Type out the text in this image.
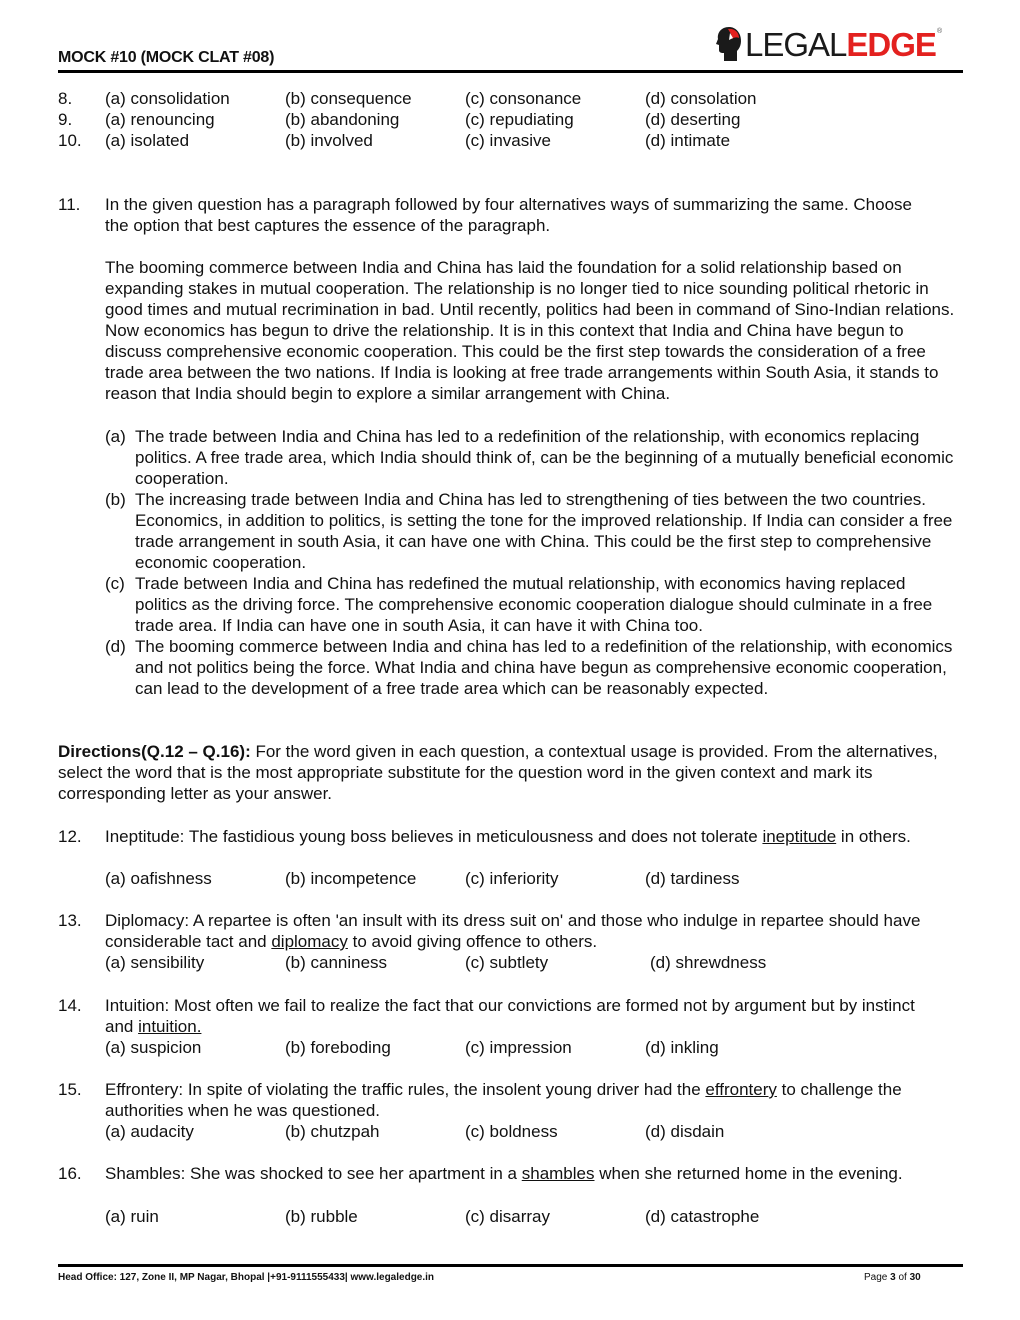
MOCK #10 (MOCK CLAT #08)	LEGALEDGE®
8. (a) consolidation	(b) consequence	(c) consonance	(d) consolation
9. (a) renouncing	(b) abandoning	(c) repudiating	(d) deserting
10. (a) isolated	(b) involved	(c) invasive	(d) intimate
11. In the given question has a paragraph followed by four alternatives ways of summarizing the same. Choose the option that best captures the essence of the paragraph.
The booming commerce between India and China has laid the foundation for a solid relationship based on expanding stakes in mutual cooperation. The relationship is no longer tied to nice sounding political rhetoric in good times and mutual recrimination in bad. Until recently, politics had been in command of Sino-Indian relations. Now economics has begun to drive the relationship. It is in this context that India and China have begun to discuss comprehensive economic cooperation. This could be the first step towards the consideration of a free trade area between the two nations. If India is looking at free trade arrangements within South Asia, it stands to reason that India should begin to explore a similar arrangement with China.
(a) The trade between India and China has led to a redefinition of the relationship, with economics replacing politics. A free trade area, which India should think of, can be the beginning of a mutually beneficial economic cooperation.
(b) The increasing trade between India and China has led to strengthening of ties between the two countries. Economics, in addition to politics, is setting the tone for the improved relationship. If India can consider a free trade arrangement in south Asia, it can have one with China. This could be the first step to comprehensive economic cooperation.
(c) Trade between India and China has redefined the mutual relationship, with economics having replaced politics as the driving force. The comprehensive economic cooperation dialogue should culminate in a free trade area. If India can have one in south Asia, it can have it with China too.
(d) The booming commerce between India and china has led to a redefinition of the relationship, with economics and not politics being the force. What India and china have begun as comprehensive economic cooperation, can lead to the development of a free trade area which can be reasonably expected.
Directions(Q.12 – Q.16): For the word given in each question, a contextual usage is provided. From the alternatives, select the word that is the most appropriate substitute for the question word in the given context and mark its corresponding letter as your answer.
12. Ineptitude: The fastidious young boss believes in meticulousness and does not tolerate ineptitude in others.
(a) oafishness	(b) incompetence	(c) inferiority	(d) tardiness
13. Diplomacy: A repartee is often 'an insult with its dress suit on' and those who indulge in repartee should have considerable tact and diplomacy to avoid giving offence to others.
(a) sensibility	(b) canniness	(c) subtlety	(d) shrewdness
14. Intuition: Most often we fail to realize the fact that our convictions are formed not by argument but by instinct and intuition.
(a) suspicion	(b) foreboding	(c) impression	(d) inkling
15. Effrontery: In spite of violating the traffic rules, the insolent young driver had the effrontery to challenge the authorities when he was questioned.
(a) audacity	(b) chutzpah	(c) boldness	(d) disdain
16. Shambles: She was shocked to see her apartment in a shambles when she returned home in the evening.
(a) ruin	(b) rubble	(c) disarray	(d) catastrophe
Head Office: 127, Zone II, MP Nagar, Bhopal |+91-9111555433| www.legaledge.in	Page 3 of 30
